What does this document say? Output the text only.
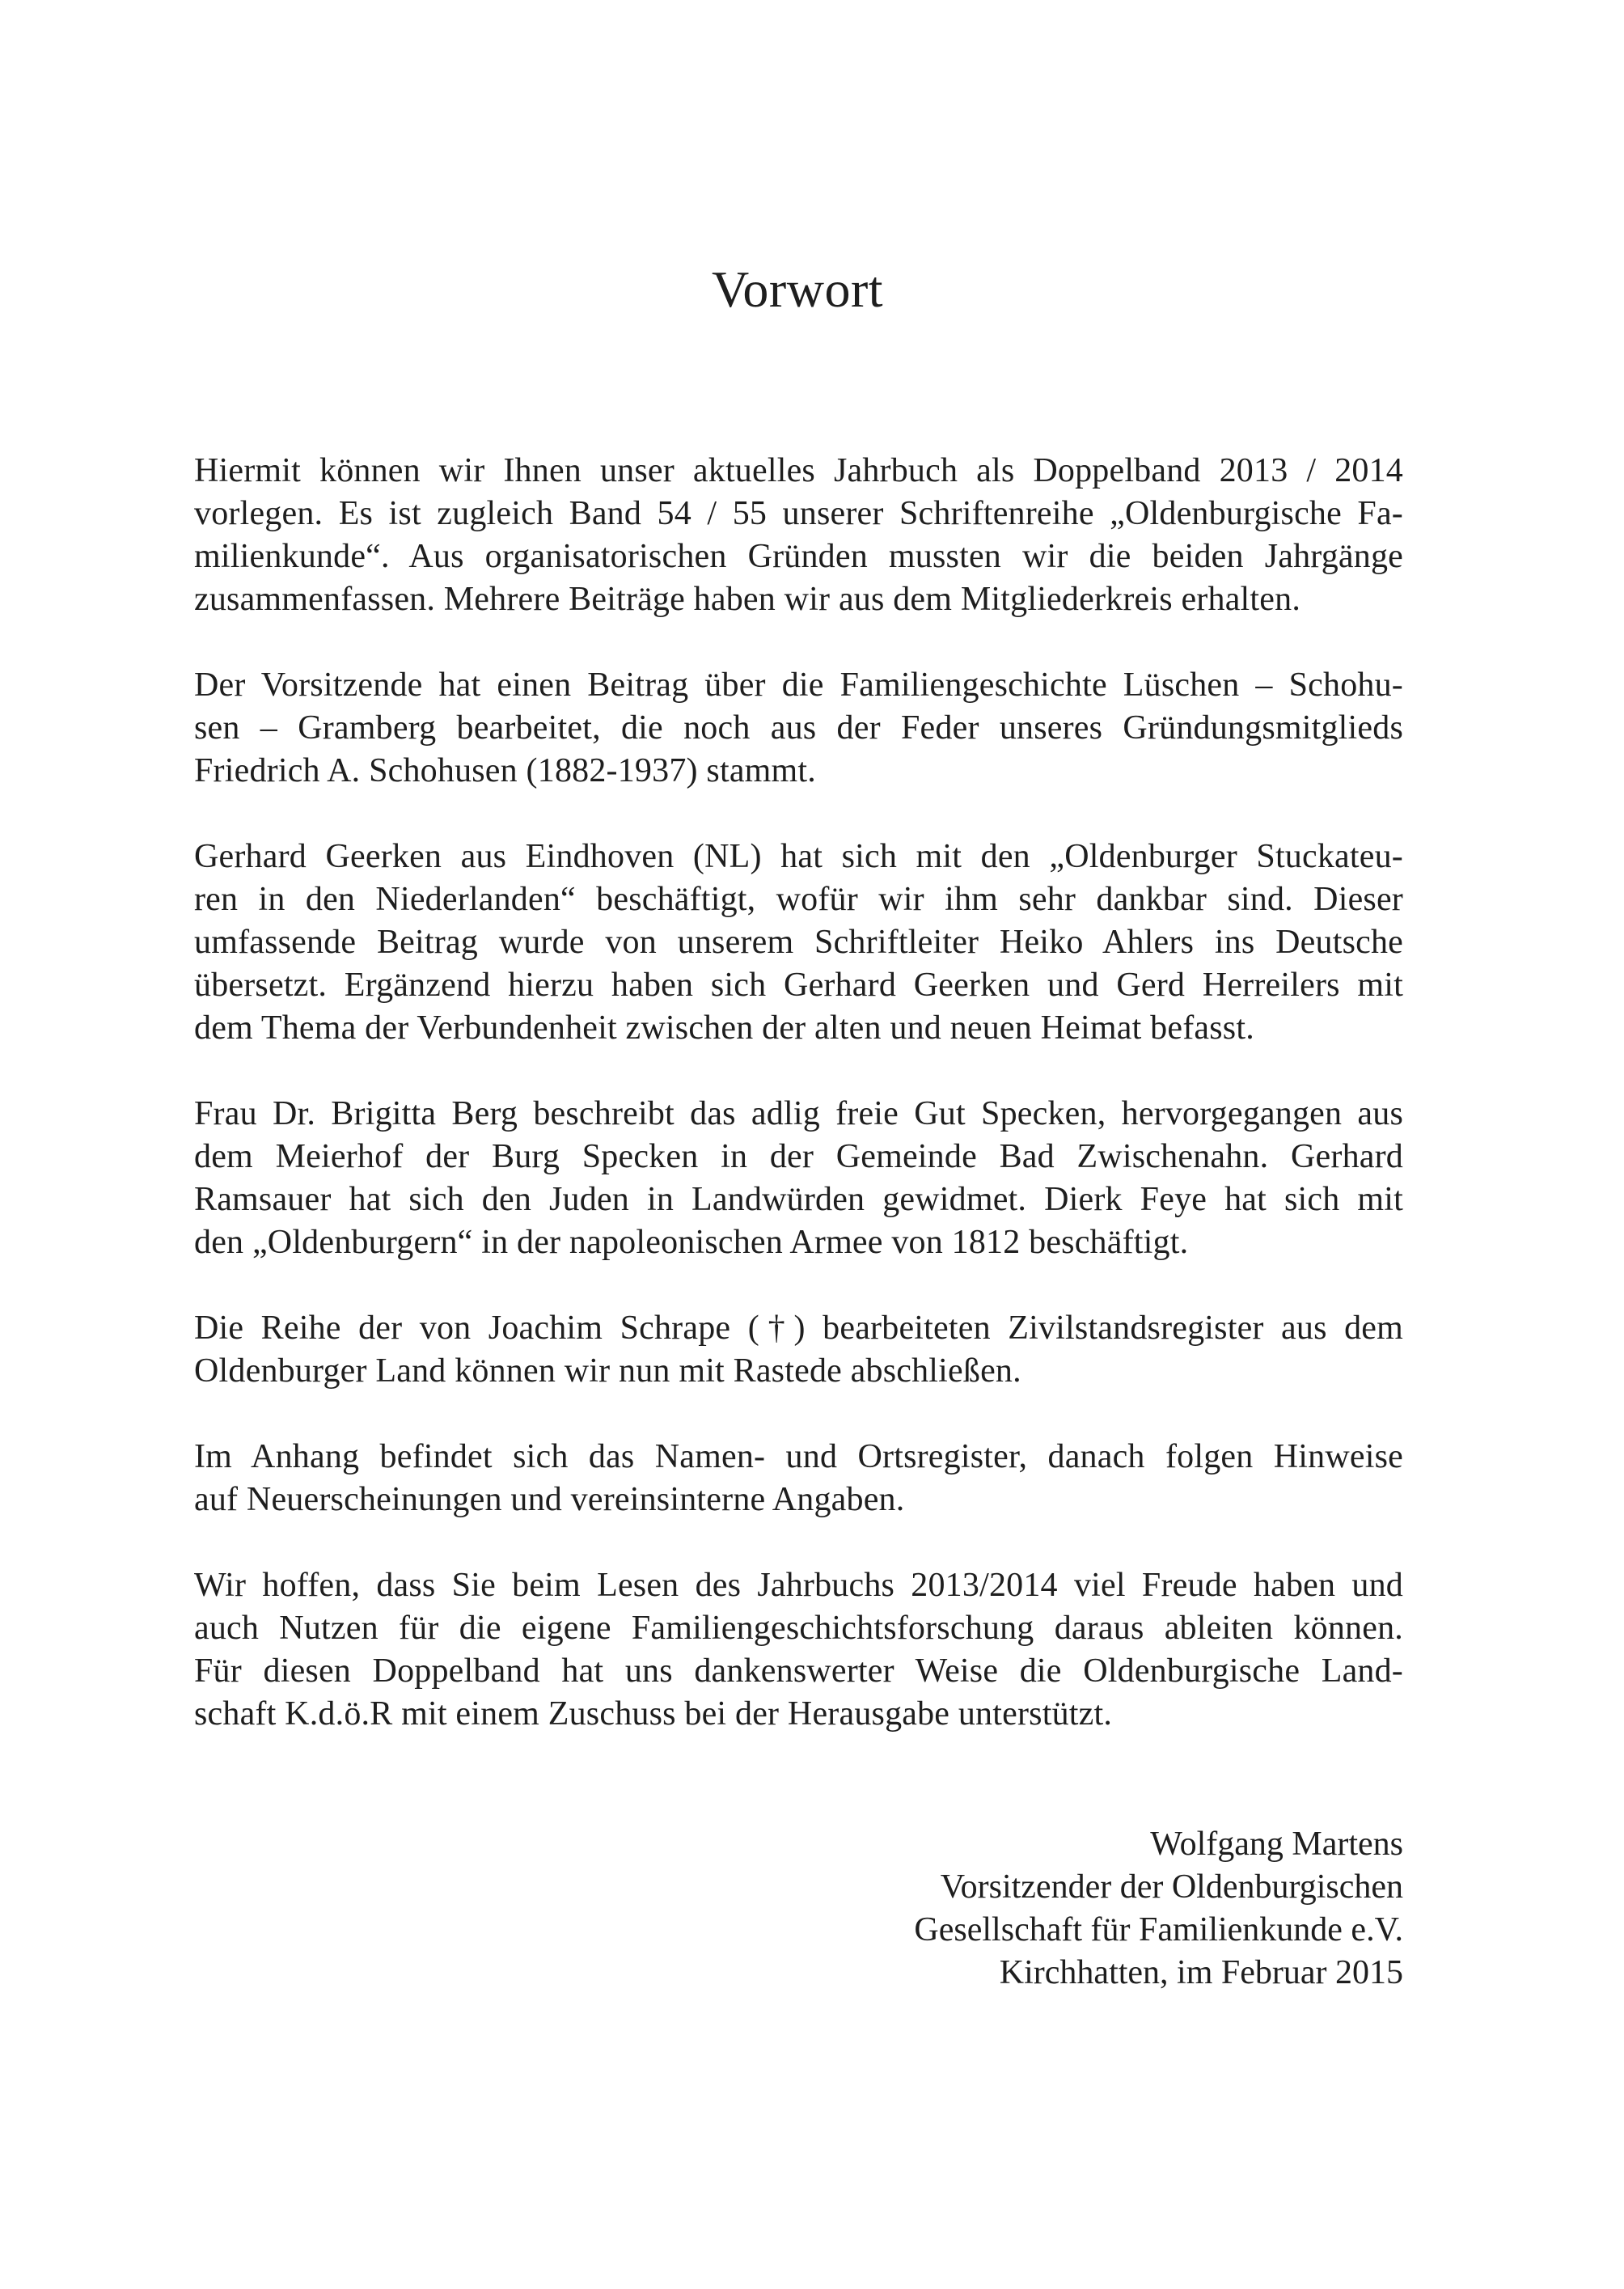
Vorwort

Hiermit können wir Ihnen unser aktuelles Jahrbuch als Doppelband 2013 / 2014
vorlegen. Es ist zugleich Band 54 / 55 unserer Schriftenreihe „Oldenburgische Fa-
milienkunde“. Aus organisatorischen Gründen mussten wir die beiden Jahrgänge
zusammenfassen. Mehrere Beiträge haben wir aus dem Mitgliederkreis erhalten.

Der Vorsitzende hat einen Beitrag über die Familiengeschichte Lüschen – Schohu-
sen – Gramberg bearbeitet, die noch aus der Feder unseres Gründungsmitglieds
Friedrich A. Schohusen (1882-1937) stammt.

Gerhard Geerken aus Eindhoven (NL) hat sich mit den „Oldenburger Stuckateu-
ren in den Niederlanden“ beschäftigt, wofür wir ihm sehr dankbar sind. Dieser
umfassende Beitrag wurde von unserem Schriftleiter Heiko Ahlers ins Deutsche
übersetzt. Ergänzend hierzu haben sich Gerhard Geerken und Gerd Herreilers mit
dem Thema der Verbundenheit zwischen der alten und neuen Heimat befasst.

Frau Dr. Brigitta Berg beschreibt das adlig freie Gut Specken, hervorgegangen aus
dem Meierhof der Burg Specken in der Gemeinde Bad Zwischenahn. Gerhard
Ramsauer hat sich den Juden in Landwürden gewidmet. Dierk Feye hat sich mit
den „Oldenburgern“ in der napoleonischen Armee von 1812 beschäftigt.

Die Reihe der von Joachim Schrape (†) bearbeiteten Zivilstandsregister aus dem
Oldenburger Land können wir nun mit Rastede abschließen.

Im Anhang befindet sich das Namen- und Ortsregister, danach folgen Hinweise
auf Neuerscheinungen und vereinsinterne Angaben.

Wir hoffen, dass Sie beim Lesen des Jahrbuchs 2013/2014 viel Freude haben und
auch Nutzen für die eigene Familiengeschichtsforschung daraus ableiten können.
Für diesen Doppelband hat uns dankenswerter Weise die Oldenburgische Land-
schaft K.d.ö.R mit einem Zuschuss bei der Herausgabe unterstützt.

Wolfgang Martens
Vorsitzender der Oldenburgischen
Gesellschaft für Familienkunde e.V.
Kirchhatten, im Februar 2015
